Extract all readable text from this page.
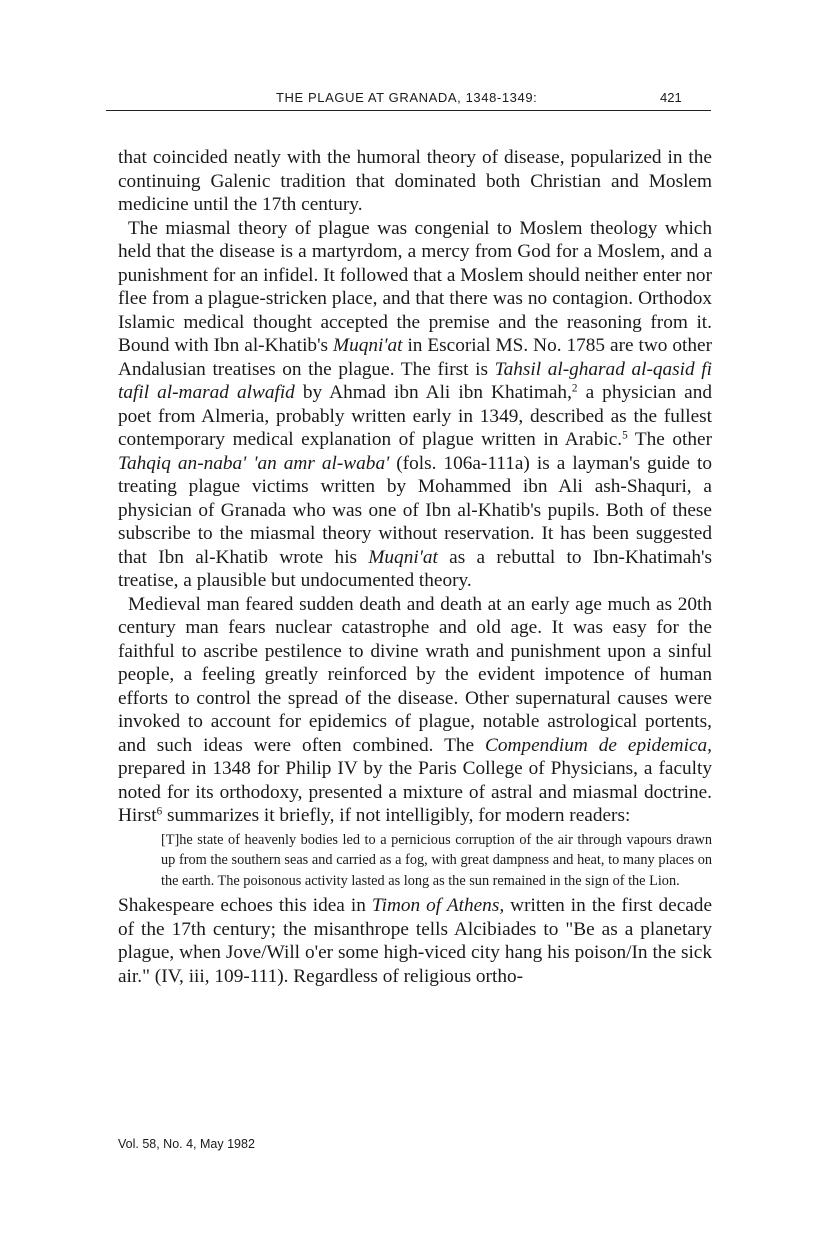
THE PLAGUE AT GRANADA, 1348-1349:	421

that coincided neatly with the humoral theory of disease, popularized in the continuing Galenic tradition that dominated both Christian and Moslem medicine until the 17th century.

The miasmal theory of plague was congenial to Moslem theology which held that the disease is a martyrdom, a mercy from God for a Moslem, and a punishment for an infidel. It followed that a Moslem should neither enter nor flee from a plague-stricken place, and that there was no contagion. Orthodox Islamic medical thought accepted the premise and the reasoning from it. Bound with Ibn al-Khatib's Muqni'at in Escorial MS. No. 1785 are two other Andalusian treatises on the plague. The first is Tahsil al-gharad al-qasid fi tafil al-marad alwafid by Ahmad ibn Ali ibn Khatimah,$^2$ a physician and poet from Almeria, probably written early in 1349, described as the fullest contemporary medical explanation of plague written in Arabic.$^5$ The other Tahqiq an-naba' 'an amr al-waba' (fols. 106a-111a) is a layman's guide to treating plague victims written by Mohammed ibn Ali ash-Shaquri, a physician of Granada who was one of Ibn al-Khatib's pupils. Both of these subscribe to the miasmal theory without reservation. It has been suggested that Ibn al-Khatib wrote his Muqni'at as a rebuttal to Ibn-Khatimah's treatise, a plausible but undocumented theory.

Medieval man feared sudden death and death at an early age much as 20th century man fears nuclear catastrophe and old age. It was easy for the faithful to ascribe pestilence to divine wrath and punishment upon a sinful people, a feeling greatly reinforced by the evident impotence of human efforts to control the spread of the disease. Other supernatural causes were invoked to account for epidemics of plague, notable astrological portents, and such ideas were often combined. The Compendium de epidemica, prepared in 1348 for Philip IV by the Paris College of Physicians, a faculty noted for its orthodoxy, presented a mixture of astral and miasmal doctrine. Hirst$^6$ summarizes it briefly, if not intelligibly, for modern readers:

[T]he state of heavenly bodies led to a pernicious corruption of the air through vapours drawn up from the southern seas and carried as a fog, with great dampness and heat, to many places on the earth. The poisonous activity lasted as long as the sun remained in the sign of the Lion.

Shakespeare echoes this idea in Timon of Athens, written in the first decade of the 17th century; the misanthrope tells Alcibiades to "Be as a planetary plague, when Jove/Will o'er some high-viced city hang his poison/In the sick air." (IV, iii, 109-111). Regardless of religious ortho-

Vol. 58, No. 4, May 1982
